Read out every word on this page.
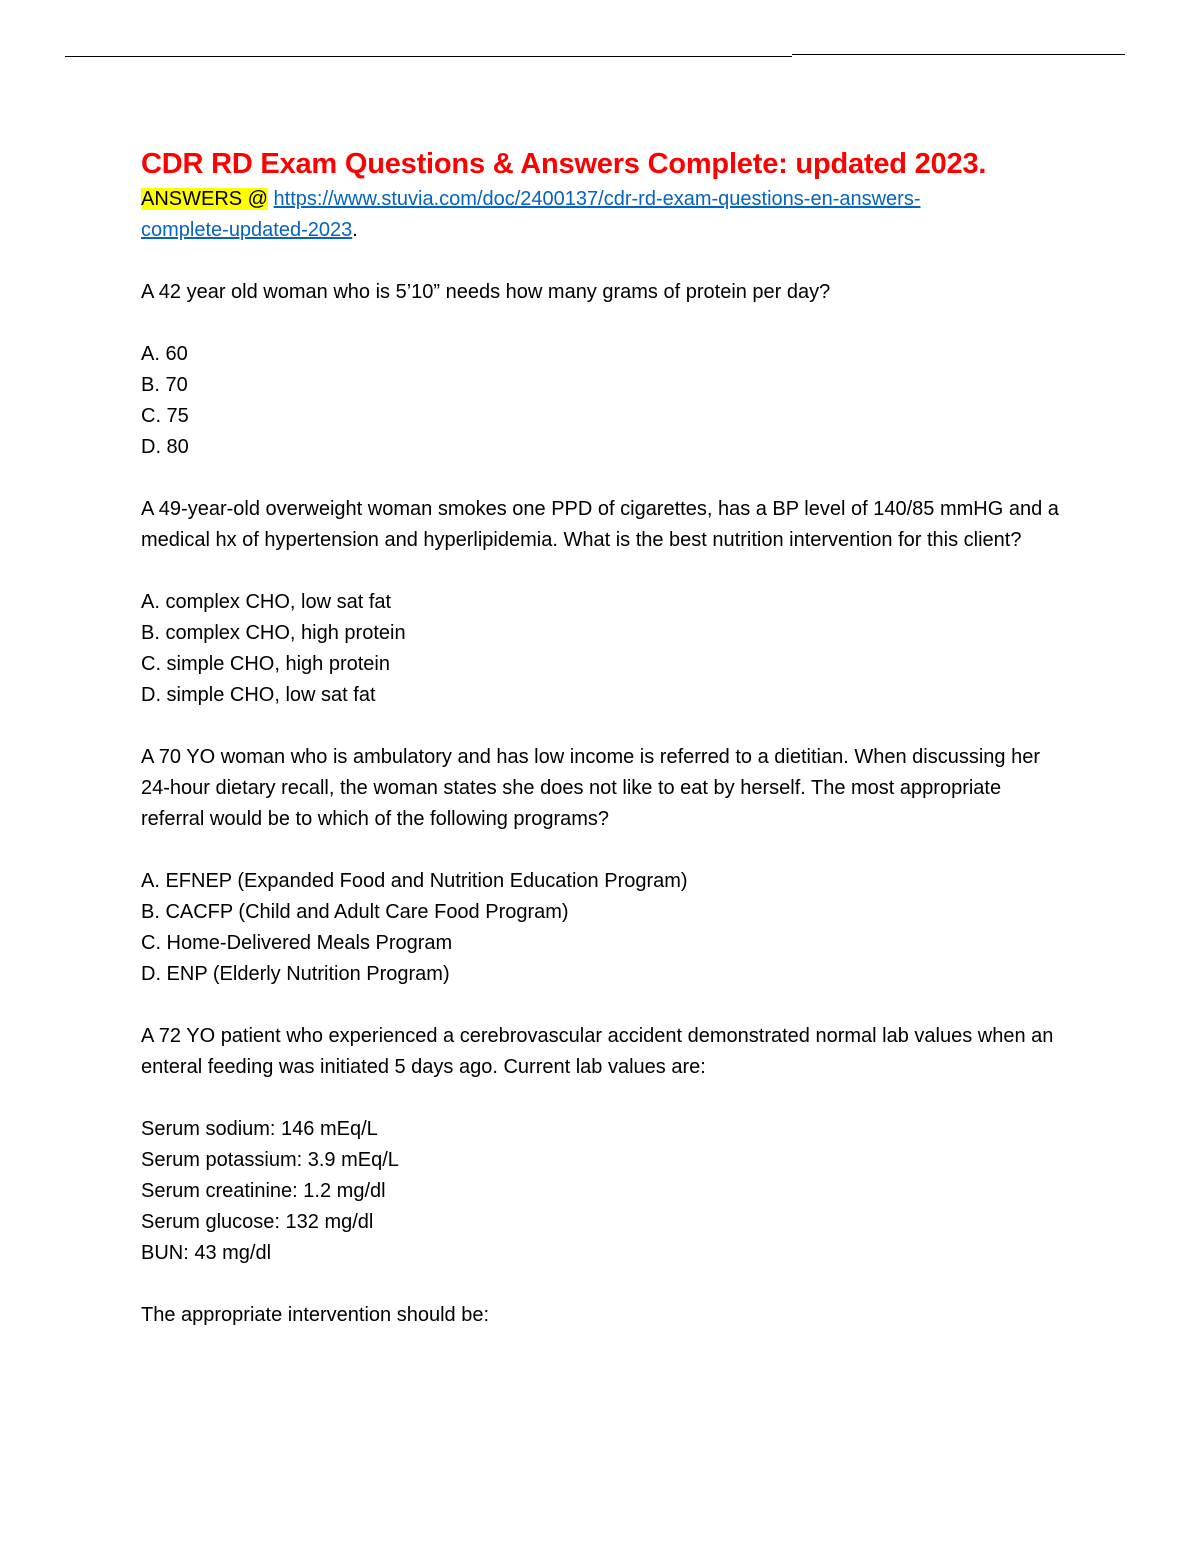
CDR RD Exam Questions & Answers Complete: updated 2023.
ANSWERS @ https://www.stuvia.com/doc/2400137/cdr-rd-exam-questions-en-answers-
complete-updated-2023.

A 42 year old woman who is 5’10” needs how many grams of protein per day?

A. 60
B. 70
C. 75
D. 80

A 49-year-old overweight woman smokes one PPD of cigarettes, has a BP level of 140/85 mmHG and a medical hx of hypertension and hyperlipidemia. What is the best nutrition intervention for this client?

A. complex CHO, low sat fat
B. complex CHO, high protein
C. simple CHO, high protein
D. simple CHO, low sat fat

A 70 YO woman who is ambulatory and has low income is referred to a dietitian. When discussing her 24-hour dietary recall, the woman states she does not like to eat by herself. The most appropriate referral would be to which of the following programs?

A. EFNEP (Expanded Food and Nutrition Education Program)
B. CACFP (Child and Adult Care Food Program)
C. Home-Delivered Meals Program
D. ENP (Elderly Nutrition Program)

A 72 YO patient who experienced a cerebrovascular accident demonstrated normal lab values when an enteral feeding was initiated 5 days ago. Current lab values are:

Serum sodium: 146 mEq/L
Serum potassium: 3.9 mEq/L
Serum creatinine: 1.2 mg/dl
Serum glucose: 132 mg/dl
BUN: 43 mg/dl

The appropriate intervention should be:
